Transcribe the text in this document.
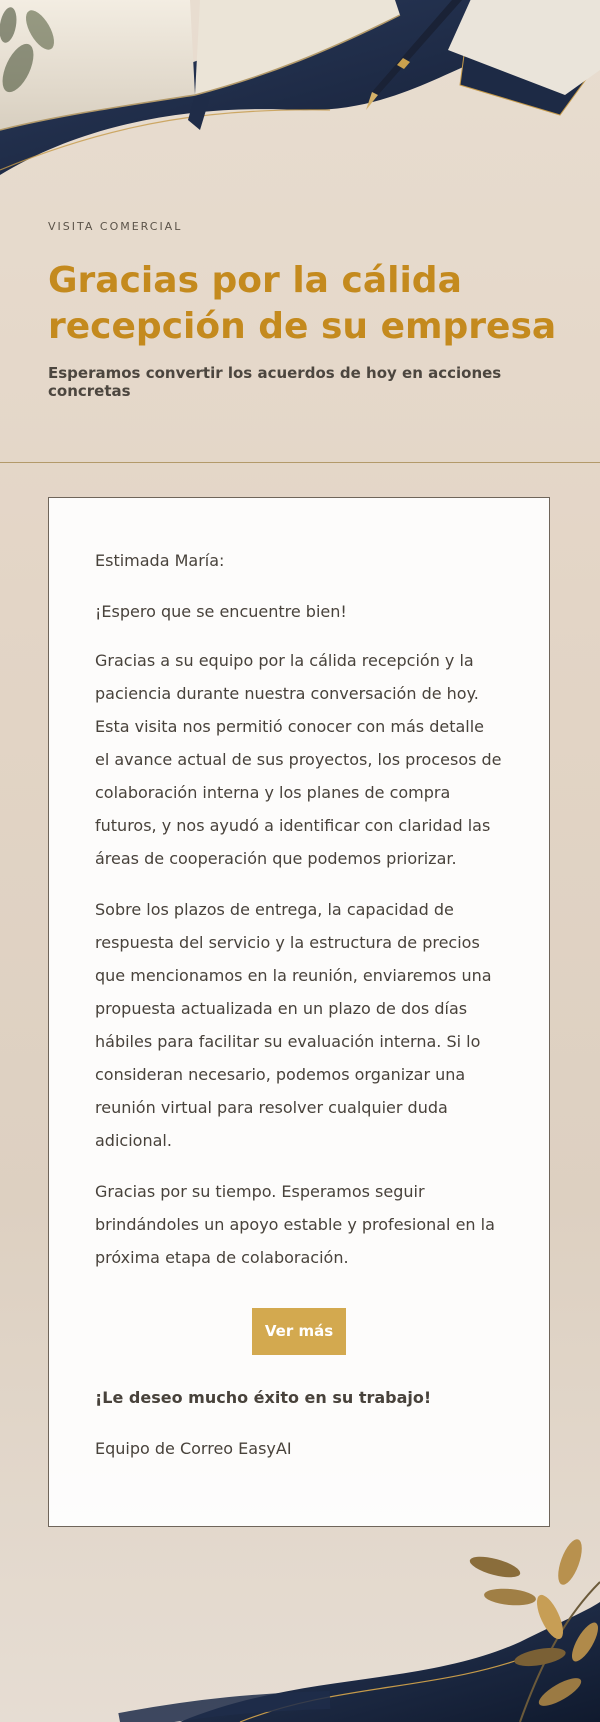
VISITA COMERCIAL
Gracias por la cálida recepción de su empresa

Esperamos convertir los acuerdos de hoy en acciones concretas

Estimada María:

¡Espero que se encuentre bien!

Gracias a su equipo por la cálida recepción y la paciencia durante nuestra conversación de hoy. Esta visita nos permitió conocer con más detalle el avance actual de sus proyectos, los procesos de colaboración interna y los planes de compra futuros, y nos ayudó a identificar con claridad las áreas de cooperación que podemos priorizar.

Sobre los plazos de entrega, la capacidad de respuesta del servicio y la estructura de precios que mencionamos en la reunión, enviaremos una propuesta actualizada en un plazo de dos días hábiles para facilitar su evaluación interna. Si lo consideran necesario, podemos organizar una reunión virtual para resolver cualquier duda adicional.

Gracias por su tiempo. Esperamos seguir brindándoles un apoyo estable y profesional en la próxima etapa de colaboración.

Ver más

¡Le deseo mucho éxito en su trabajo!

Equipo de Correo EasyAI
